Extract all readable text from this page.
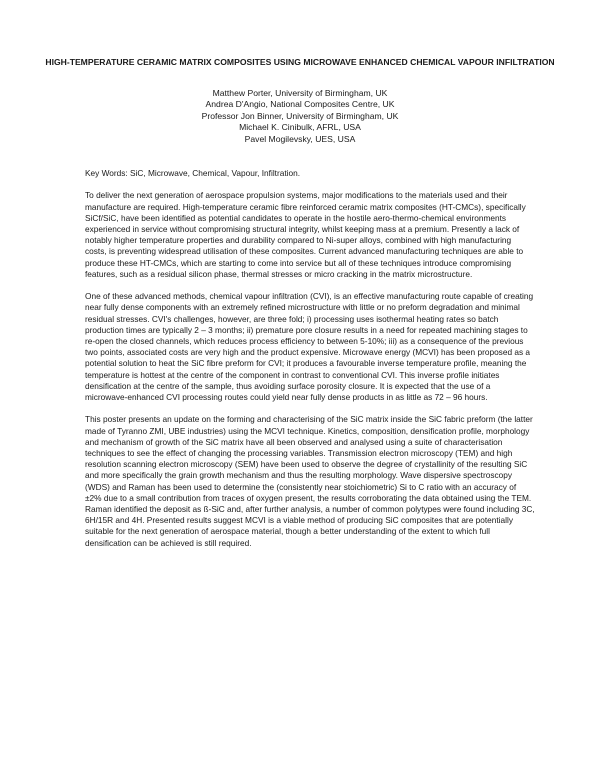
HIGH-TEMPERATURE CERAMIC MATRIX COMPOSITES USING MICROWAVE ENHANCED CHEMICAL VAPOUR INFILTRATION
Matthew Porter, University of Birmingham, UK
Andrea D'Angio, National Composites Centre, UK
Professor Jon Binner, University of Birmingham, UK
Michael K. Cinibulk, AFRL, USA
Pavel Mogilevsky, UES, USA

Key Words: SiC, Microwave, Chemical, Vapour, Infiltration.

To deliver the next generation of aerospace propulsion systems, major modifications to the materials used and their manufacture are required. High-temperature ceramic fibre reinforced ceramic matrix composites (HT-CMCs), specifically SiCf/SiC, have been identified as potential candidates to operate in the hostile aero-thermo-chemical environments experienced in service without compromising structural integrity, whilst keeping mass at a premium. Presently a lack of notably higher temperature properties and durability compared to Ni-super alloys, combined with high manufacturing costs, is preventing widespread utilisation of these composites. Current advanced manufacturing techniques are able to produce these HT-CMCs, which are starting to come into service but all of these techniques introduce compromising features, such as a residual silicon phase, thermal stresses or micro cracking in the matrix microstructure.

One of these advanced methods, chemical vapour infiltration (CVI), is an effective manufacturing route capable of creating near fully dense components with an extremely refined microstructure with little or no preform degradation and minimal residual stresses. CVI's challenges, however, are three fold; i) processing uses isothermal heating rates so batch production times are typically 2 – 3 months; ii) premature pore closure results in a need for repeated machining stages to re-open the closed channels, which reduces process efficiency to between 5-10%; iii) as a consequence of the previous two points, associated costs are very high and the product expensive. Microwave energy (MCVI) has been proposed as a potential solution to heat the SiC fibre preform for CVI; it produces a favourable inverse temperature profile, meaning the temperature is hottest at the centre of the component in contrast to conventional CVI. This inverse profile initiates densification at the centre of the sample, thus avoiding surface porosity closure. It is expected that the use of a microwave-enhanced CVI processing routes could yield near fully dense products in as little as 72 – 96 hours.

This poster presents an update on the forming and characterising of the SiC matrix inside the SiC fabric preform (the latter made of Tyranno ZMI, UBE industries) using the MCVI technique. Kinetics, composition, densification profile, morphology and mechanism of growth of the SiC matrix have all been observed and analysed using a suite of characterisation techniques to see the effect of changing the processing variables. Transmission electron microscopy (TEM) and high resolution scanning electron microscopy (SEM) have been used to observe the degree of crystallinity of the resulting SiC and more specifically the grain growth mechanism and thus the resulting morphology. Wave dispersive spectroscopy (WDS) and Raman has been used to determine the (consistently near stoichiometric) Si to C ratio with an accuracy of ±2% due to a small contribution from traces of oxygen present, the results corroborating the data obtained using the TEM. Raman identified the deposit as ß-SiC and, after further analysis, a number of common polytypes were found including 3C, 6H/15R and 4H. Presented results suggest MCVI is a viable method of producing SiC composites that are potentially suitable for the next generation of aerospace material, though a better understanding of the extent to which full densification can be achieved is still required.
